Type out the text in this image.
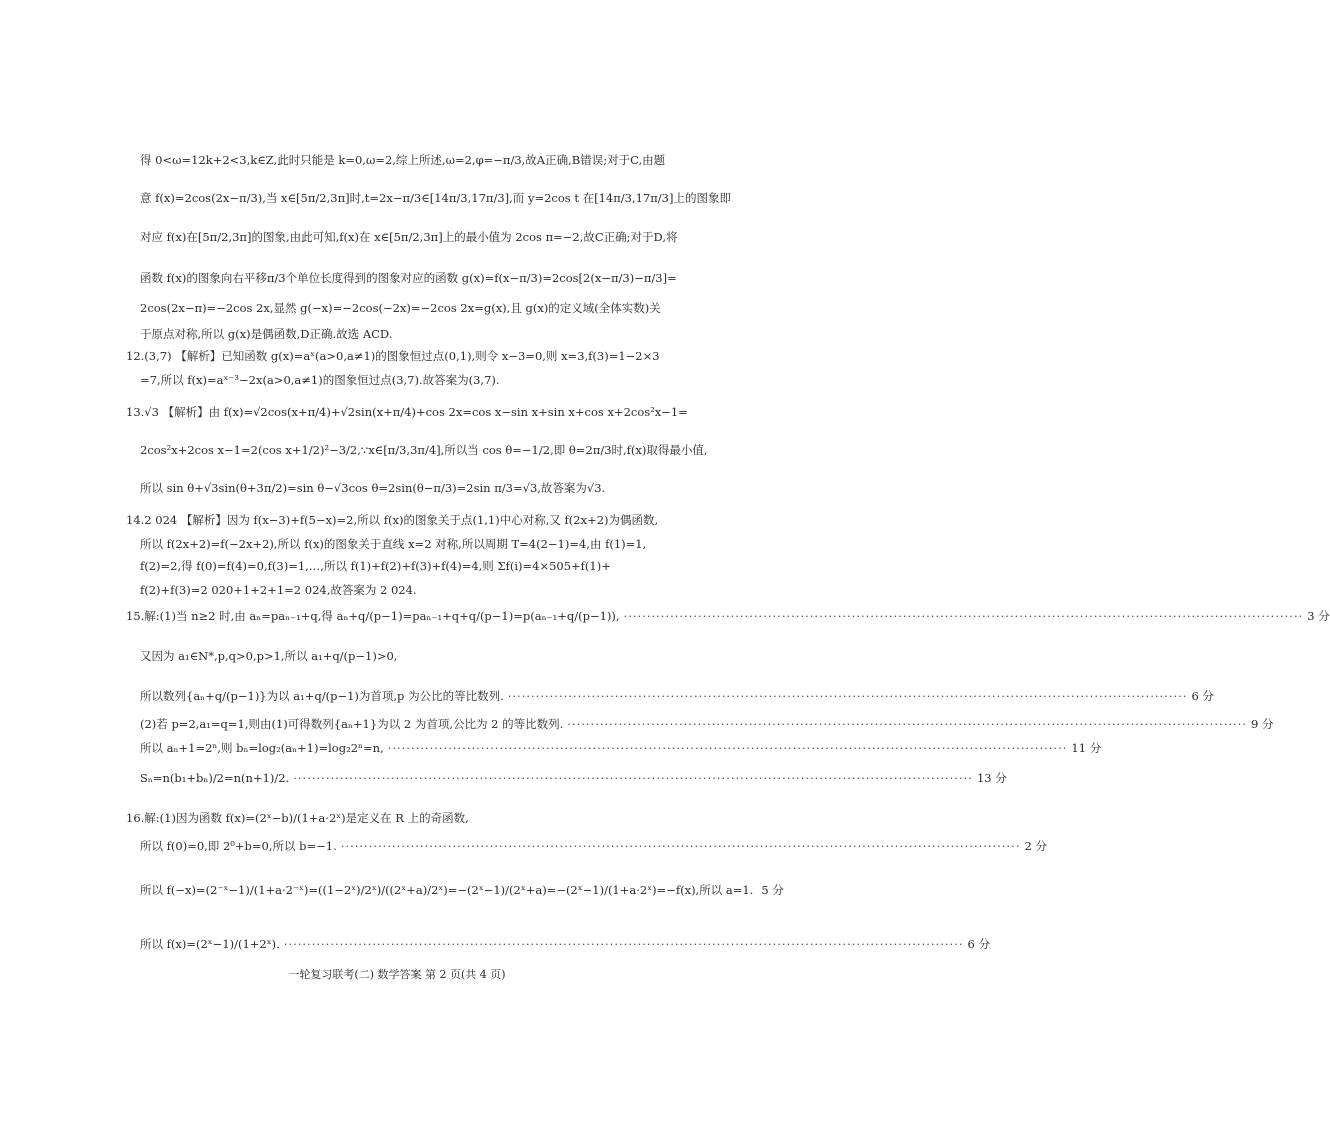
得 0<ω=12k+2<3,k∈Z,此时只能是 k=0,ω=2,综上所述,ω=2,φ=−π/3,故A正确,B错误;对于C,由题
意 f(x)=2cos(2x−π/3),当 x∈[5π/2,3π]时,t=2x−π/3∈[14π/3,17π/3],而 y=2cos t 在[14π/3,17π/3]上的图象即
对应 f(x)在[5π/2,3π]的图象,由此可知,f(x)在 x∈[5π/2,3π]上的最小值为 2cos π=−2,故C正确;对于D,将
函数 f(x)的图象向右平移π/3个单位长度得到的图象对应的函数 g(x)=f(x−π/3)=2cos[2(x−π/3)−π/3]=
2cos(2x−π)=−2cos 2x,显然 g(−x)=−2cos(−2x)=−2cos 2x=g(x),且 g(x)的定义域(全体实数)关
于原点对称,所以 g(x)是偶函数,D正确.故选 ACD.
12.(3,7) 【解析】已知函数 g(x)=aˣ(a>0,a≠1)的图象恒过点(0,1),则令 x−3=0,则 x=3,f(3)=1−2×3
=7,所以 f(x)=aˣ⁻³−2x(a>0,a≠1)的图象恒过点(3,7).故答案为(3,7).
13.√3 【解析】由 f(x)=√2cos(x+π/4)+√2sin(x+π/4)+cos 2x=cos x−sin x+sin x+cos x+2cos²x−1=
2cos²x+2cos x−1=2(cos x+1/2)²−3/2,∵x∈[π/3,3π/4],所以当 cos θ=−1/2,即 θ=2π/3时,f(x)取得最小值,
所以 sin θ+√3sin(θ+3π/2)=sin θ−√3cos θ=2sin(θ−π/3)=2sin π/3=√3,故答案为√3.
14.2 024 【解析】因为 f(x−3)+f(5−x)=2,所以 f(x)的图象关于点(1,1)中心对称,又 f(2x+2)为偶函数,
所以 f(2x+2)=f(−2x+2),所以 f(x)的图象关于直线 x=2 对称,所以周期 T=4(2−1)=4,由 f(1)=1,
f(2)=2,得 f(0)=f(4)=0,f(3)=1,…,所以 f(1)+f(2)+f(3)+f(4)=4,则 Σf(i)=4×505+f(1)+
f(2)+f(3)=2 020+1+2+1=2 024,故答案为 2 024.
15.解:(1)当 n≥2 时,由 aₙ=paₙ₋₁+q,得 aₙ+q/(p−1)=paₙ₋₁+q+q/(p−1)=p(aₙ₋₁+q/(p−1)), ·····	3 分
又因为 a₁∈N*,p,q>0,p>1,所以 a₁+q/(p−1)>0,
所以数列{aₙ+q/(p−1)}为以 a₁+q/(p−1)为首项,p 为公比的等比数列. ·····	6 分
(2)若 p=2,a₁=q=1,则由(1)可得数列{aₙ+1}为以 2 为首项,公比为 2 的等比数列. ·····	9 分
所以 aₙ+1=2ⁿ,则 bₙ=log₂(aₙ+1)=log₂2ⁿ=n, ·····	11 分
Sₙ=n(b₁+bₙ)/2=n(n+1)/2. ·····	13 分
16.解:(1)因为函数 f(x)=(2ˣ−b)/(1+a·2ˣ)是定义在 R 上的奇函数,
所以 f(0)=0,即 2⁰+b=0,所以 b=−1. ·····	2 分
所以 f(−x)=(2⁻ˣ−1)/(1+a·2⁻ˣ)=((1−2ˣ)/2ˣ)/((2ˣ+a)/2ˣ)=−(2ˣ−1)/(2ˣ+a)=−(2ˣ−1)/(1+a·2ˣ)=−f(x),所以 a=1. 5 分
所以 f(x)=(2ˣ−1)/(1+2ˣ). ·····	6 分
一轮复习联考(二) 数学答案 第 2 页(共 4 页)
